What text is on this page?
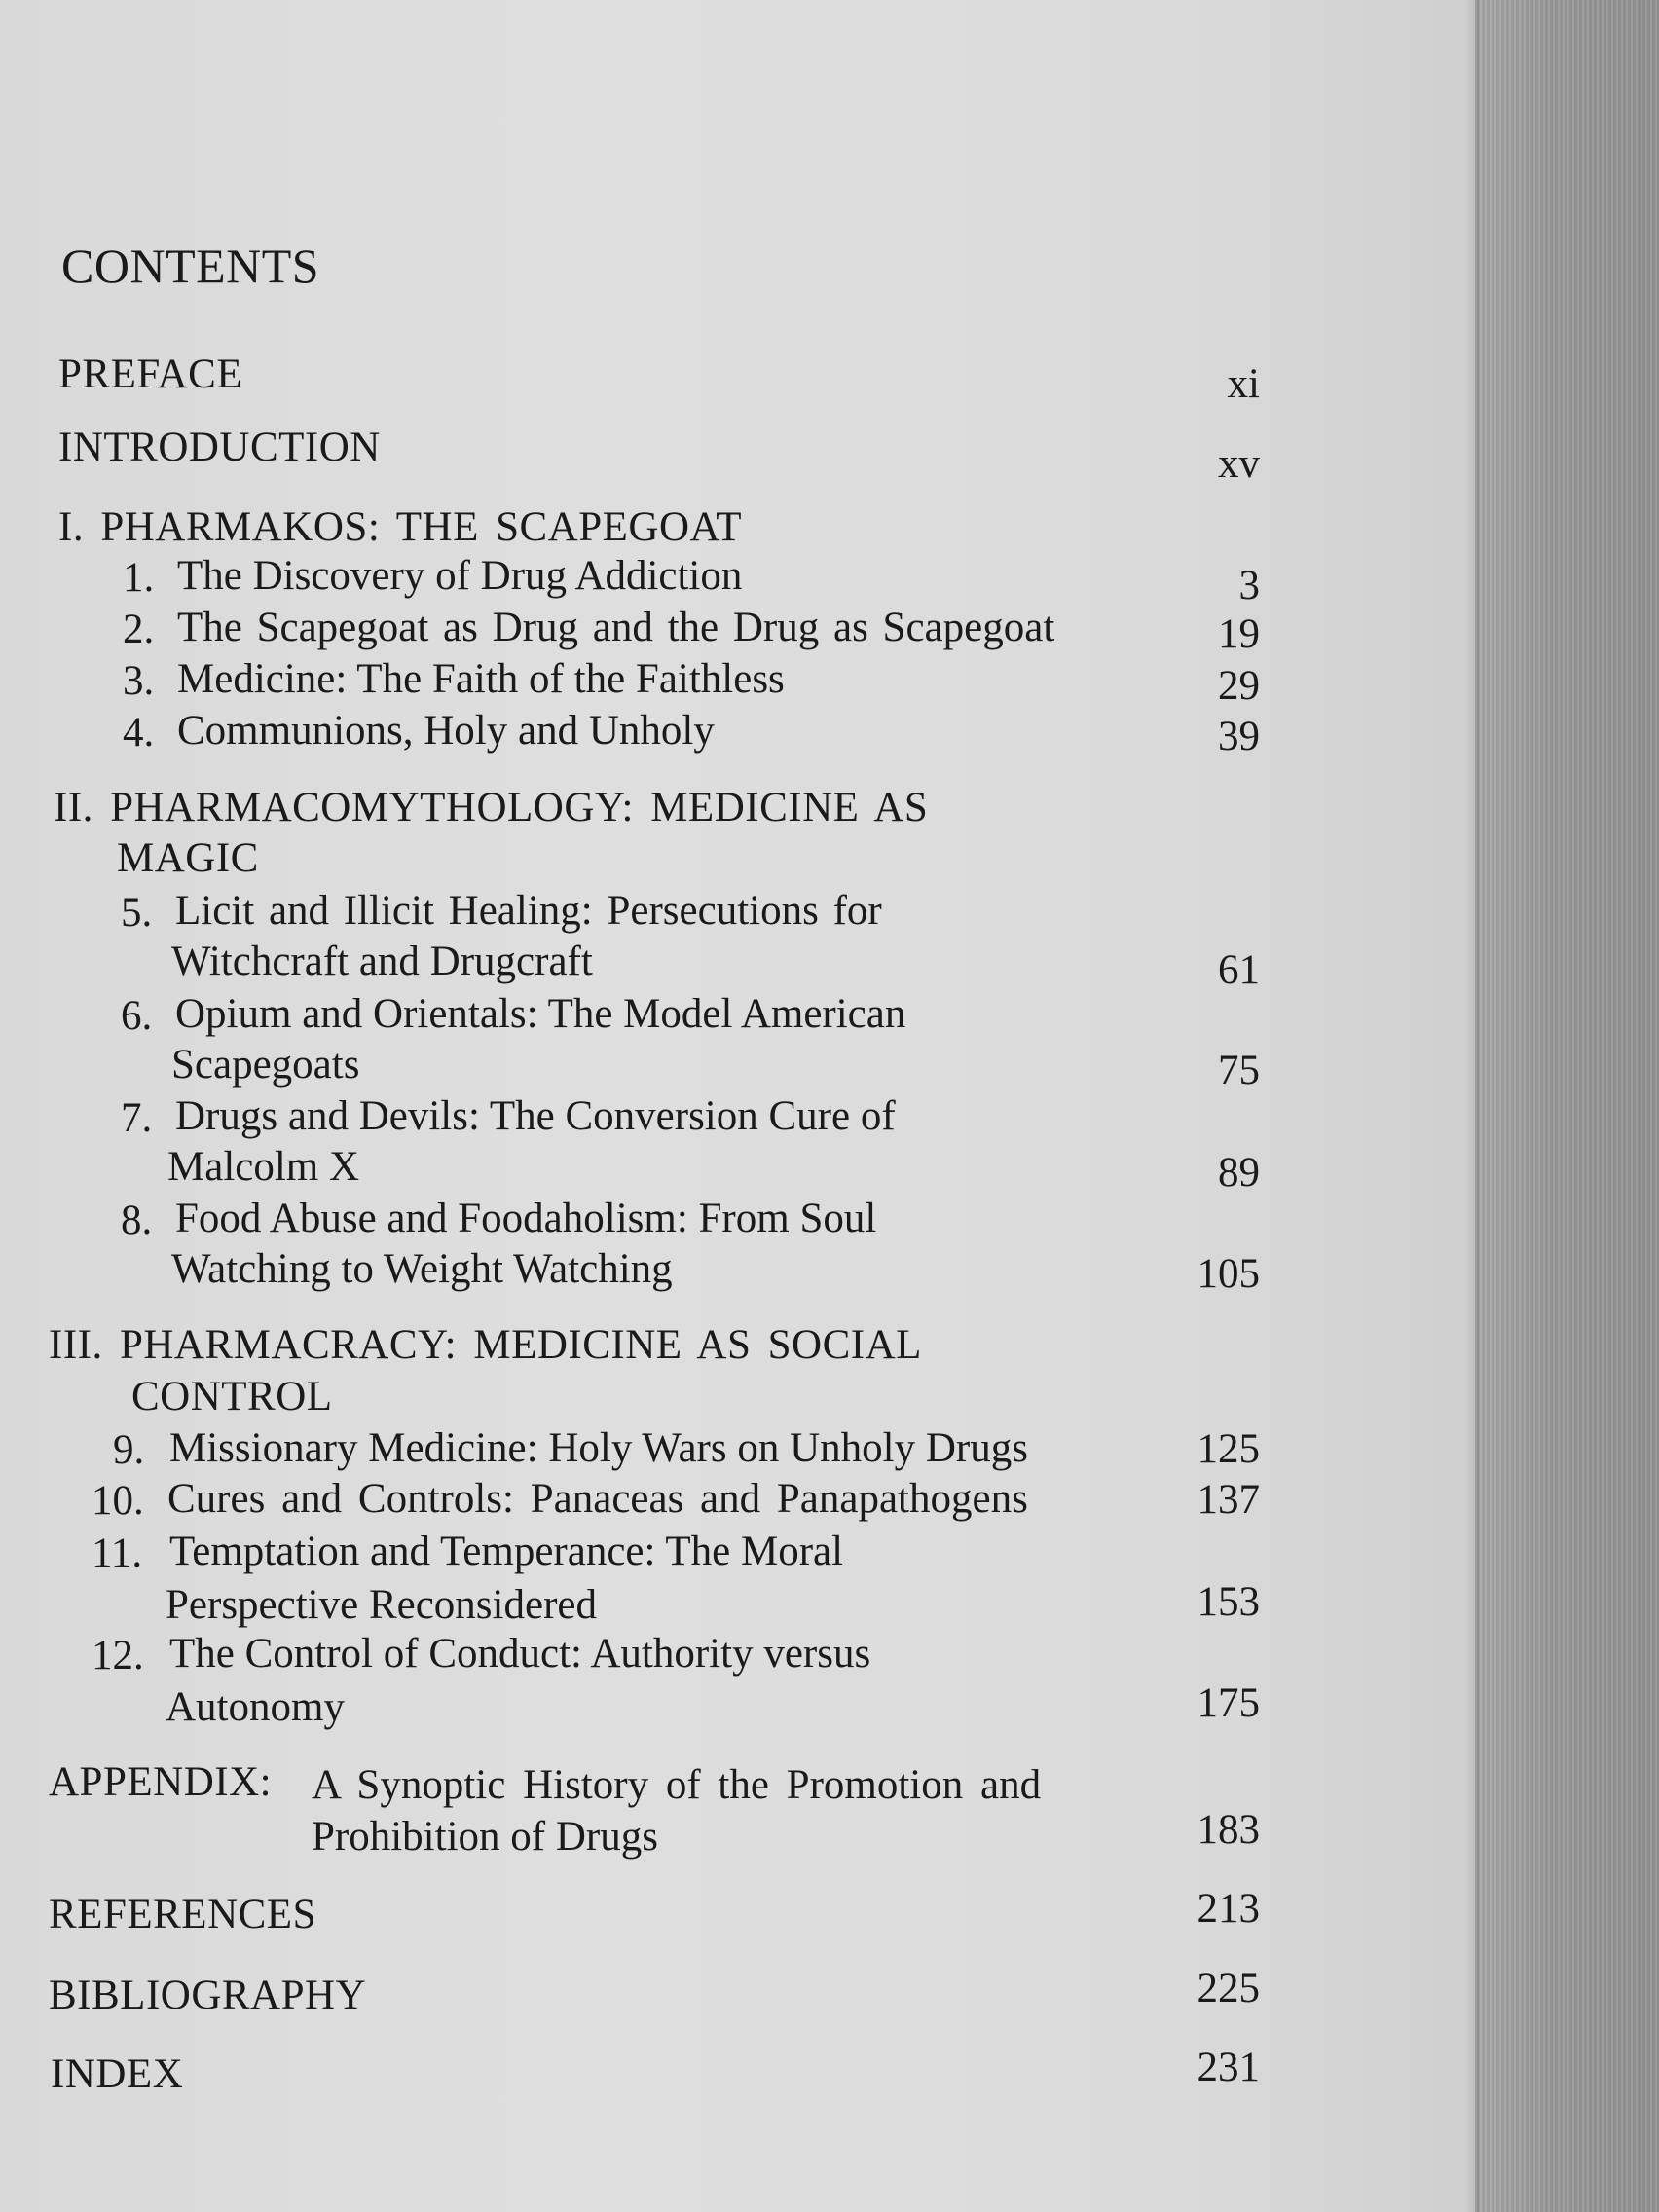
CONTENTS
PREFACE	xi
INTRODUCTION	xv
I. PHARMAKOS: THE SCAPEGOAT
1. The Discovery of Drug Addiction	3
2. The Scapegoat as Drug and the Drug as Scapegoat	19
3. Medicine: The Faith of the Faithless	29
4. Communions, Holy and Unholy	39
II. PHARMACOMYTHOLOGY: MEDICINE AS
MAGIC
5. Licit and Illicit Healing: Persecutions for
Witchcraft and Drugcraft	61
6. Opium and Orientals: The Model American
Scapegoats	75
7. Drugs and Devils: The Conversion Cure of
Malcolm X	89
8. Food Abuse and Foodaholism: From Soul
Watching to Weight Watching	105
III. PHARMACRACY: MEDICINE AS SOCIAL
CONTROL
9. Missionary Medicine: Holy Wars on Unholy Drugs	125
10. Cures and Controls: Panaceas and Panapathogens	137
11. Temptation and Temperance: The Moral
Perspective Reconsidered	153
12. The Control of Conduct: Authority versus
Autonomy	175
APPENDIX: A Synoptic History of the Promotion and
Prohibition of Drugs	183
REFERENCES	213
BIBLIOGRAPHY	225
INDEX	231
